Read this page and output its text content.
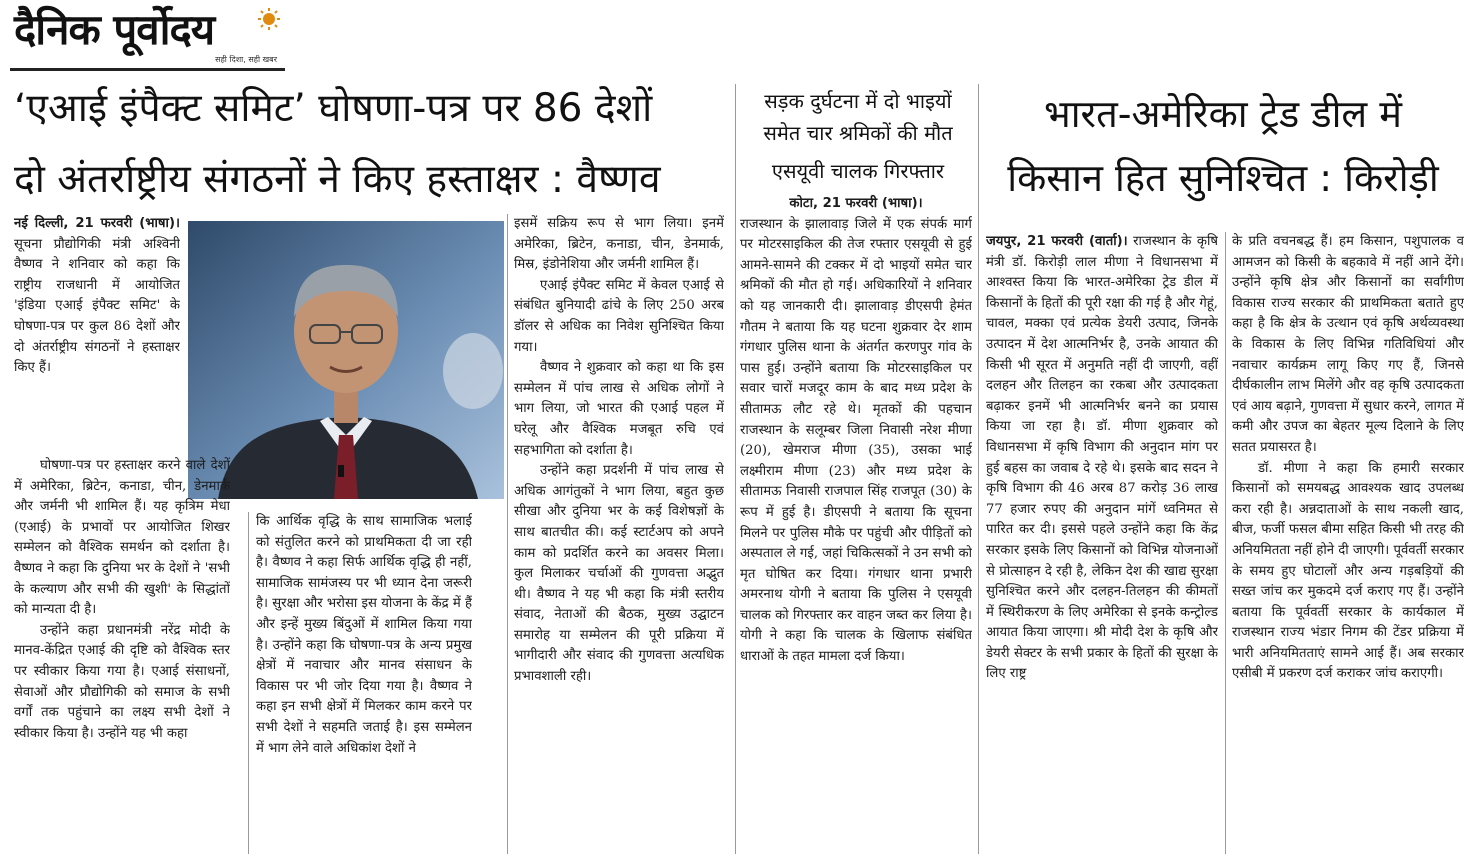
दैनिक पूर्वोदय
सही दिशा, सही खबर
‘एआई इंपैक्ट समिट’ घोषणा-पत्र पर 86 देशों
दो अंतर्राष्ट्रीय संगठनों ने किए हस्ताक्षर : वैष्णव
सड़क दुर्घटना में दो भाइयों
समेत चार श्रमिकों की मौत
एसयूवी चालक गिरफ्तार
भारत-अमेरिका ट्रेड डील में
किसान हित सुनिश्चित : किरोड़ी

नई दिल्ली, 21 फरवरी (भाषा)। सूचना प्रौद्योगिकी मंत्री अश्विनी वैष्णव ने शनिवार को कहा कि राष्ट्रीय राजधानी में आयोजित 'इंडिया एआई इंपैक्ट समिट' के घोषणा-पत्र पर कुल 86 देशों और दो अंतर्राष्ट्रीय संगठनों ने हस्ताक्षर किए हैं।

घोषणा-पत्र पर हस्ताक्षर करने वाले देशों में अमेरिका, ब्रिटेन, कनाडा, चीन, डेनमार्क और जर्मनी भी शामिल हैं। यह कृत्रिम मेधा (एआई) के प्रभावों पर आयोजित शिखर सम्मेलन को वैश्विक समर्थन को दर्शाता है। वैष्णव ने कहा कि दुनिया भर के देशों ने 'सभी के कल्याण और सभी की खुशी' के सिद्धांतों को मान्यता दी है।

उन्होंने कहा प्रधानमंत्री नरेंद्र मोदी के मानव-केंद्रित एआई की दृष्टि को वैश्विक स्तर पर स्वीकार किया गया है। एआई संसाधनों, सेवाओं और प्रौद्योगिकी को समाज के सभी वर्गों तक पहुंचाने का लक्ष्य सभी देशों ने स्वीकार किया है। उन्होंने यह भी कहा

कि आर्थिक वृद्धि के साथ सामाजिक भलाई को संतुलित करने को प्राथमिकता दी जा रही है। वैष्णव ने कहा सिर्फ आर्थिक वृद्धि ही नहीं, सामाजिक सामंजस्य पर भी ध्यान देना जरूरी है। सुरक्षा और भरोसा इस योजना के केंद्र में हैं और इन्हें मुख्य बिंदुओं में शामिल किया गया है। उन्होंने कहा कि घोषणा-पत्र के अन्य प्रमुख क्षेत्रों में नवाचार और मानव संसाधन के विकास पर भी जोर दिया गया है। वैष्णव ने कहा इन सभी क्षेत्रों में मिलकर काम करने पर सभी देशों ने सहमति जताई है। इस सम्मेलन में भाग लेने वाले अधिकांश देशों ने

इसमें सक्रिय रूप से भाग लिया। इनमें अमेरिका, ब्रिटेन, कनाडा, चीन, डेनमार्क, मिस्र, इंडोनेशिया और जर्मनी शामिल हैं।

एआई इंपैक्ट समिट में केवल एआई से संबंधित बुनियादी ढांचे के लिए 250 अरब डॉलर से अधिक का निवेश सुनिश्चित किया गया।

वैष्णव ने शुक्रवार को कहा था कि इस सम्मेलन में पांच लाख से अधिक लोगों ने भाग लिया, जो भारत की एआई पहल में घरेलू और वैश्विक मजबूत रुचि एवं सहभागिता को दर्शाता है।

उन्होंने कहा प्रदर्शनी में पांच लाख से अधिक आगंतुकों ने भाग लिया, बहुत कुछ सीखा और दुनिया भर के कई विशेषज्ञों के साथ बातचीत की। कई स्टार्टअप को अपने काम को प्रदर्शित करने का अवसर मिला। कुल मिलाकर चर्चाओं की गुणवत्ता अद्भुत थी। वैष्णव ने यह भी कहा कि मंत्री स्तरीय संवाद, नेताओं की बैठक, मुख्य उद्घाटन समारोह या सम्मेलन की पूरी प्रक्रिया में भागीदारी और संवाद की गुणवत्ता अत्यधिक प्रभावशाली रही।

कोटा, 21 फरवरी (भाषा)।

राजस्थान के झालावाड़ जिले में एक संपर्क मार्ग पर मोटरसाइकिल की तेज रफ्तार एसयूवी से हुई आमने-सामने की टक्कर में दो भाइयों समेत चार श्रमिकों की मौत हो गई। अधिकारियों ने शनिवार को यह जानकारी दी। झालावाड़ डीएसपी हेमंत गौतम ने बताया कि यह घटना शुक्रवार देर शाम गंगधार पुलिस थाना के अंतर्गत करणपुर गांव के पास हुई। उन्होंने बताया कि मोटरसाइकिल पर सवार चारों मजदूर काम के बाद मध्य प्रदेश के सीतामऊ लौट रहे थे। मृतकों की पहचान राजस्थान के सलूम्बर जिला निवासी नरेश मीणा (20), खेमराज मीणा (35), उसका भाई लक्ष्मीराम मीणा (23) और मध्य प्रदेश के सीतामऊ निवासी राजपाल सिंह राजपूत (30) के रूप में हुई है। डीएसपी ने बताया कि सूचना मिलने पर पुलिस मौके पर पहुंची और पीड़ितों को अस्पताल ले गई, जहां चिकित्सकों ने उन सभी को मृत घोषित कर दिया। गंगधार थाना प्रभारी अमरनाथ योगी ने बताया कि पुलिस ने एसयूवी चालक को गिरफ्तार कर वाहन जब्त कर लिया है। योगी ने कहा कि चालक के खिलाफ संबंधित धाराओं के तहत मामला दर्ज किया।

जयपुर, 21 फरवरी (वार्ता)। राजस्थान के कृषि मंत्री डॉ. किरोड़ी लाल मीणा ने विधानसभा में आश्वस्त किया कि भारत-अमेरिका ट्रेड डील में किसानों के हितों की पूरी रक्षा की गई है और गेहूं, चावल, मक्का एवं प्रत्येक डेयरी उत्पाद, जिनके उत्पादन में देश आत्मनिर्भर है, उनके आयात की किसी भी सूरत में अनुमति नहीं दी जाएगी, वहीं दलहन और तिलहन का रकबा और उत्पादकता बढ़ाकर इनमें भी आत्मनिर्भर बनने का प्रयास किया जा रहा है। डॉ. मीणा शुक्रवार को विधानसभा में कृषि विभाग की अनुदान मांग पर हुई बहस का जवाब दे रहे थे। इसके बाद सदन ने कृषि विभाग की 46 अरब 87 करोड़ 36 लाख 77 हजार रुपए की अनुदान मांगें ध्वनिमत से पारित कर दी। इससे पहले उन्होंने कहा कि केंद्र सरकार इसके लिए किसानों को विभिन्न योजनाओं से प्रोत्साहन दे रही है, लेकिन देश की खाद्य सुरक्षा सुनिश्चित करने और दलहन-तिलहन की कीमतों में स्थिरीकरण के लिए अमेरिका से इनके कन्ट्रोल्ड आयात किया जाएगा। श्री मोदी देश के कृषि और डेयरी सेक्टर के सभी प्रकार के हितों की सुरक्षा के लिए राष्ट्र

के प्रति वचनबद्ध हैं। हम किसान, पशुपालक व आमजन को किसी के बहकावे में नहीं आने देंगे। उन्होंने कृषि क्षेत्र और किसानों का सर्वांगीण विकास राज्य सरकार की प्राथमिकता बताते हुए कहा है कि क्षेत्र के उत्थान एवं कृषि अर्थव्यवस्था के विकास के लिए विभिन्न गतिविधियां और नवाचार कार्यक्रम लागू किए गए हैं, जिनसे दीर्घकालीन लाभ मिलेंगे और वह कृषि उत्पादकता एवं आय बढ़ाने, गुणवत्ता में सुधार करने, लागत में कमी और उपज का बेहतर मूल्य दिलाने के लिए सतत प्रयासरत है।

डॉ. मीणा ने कहा कि हमारी सरकार किसानों को समयबद्ध आवश्यक खाद उपलब्ध करा रही है। अन्नदाताओं के साथ नकली खाद, बीज, फर्जी फसल बीमा सहित किसी भी तरह की अनियमितता नहीं होने दी जाएगी। पूर्ववर्ती सरकार के समय हुए घोटालों और अन्य गड़बड़ियों की सख्त जांच कर मुकदमे दर्ज कराए गए हैं। उन्होंने बताया कि पूर्ववर्ती सरकार के कार्यकाल में राजस्थान राज्य भंडार निगम की टेंडर प्रक्रिया में भारी अनियमितताएं सामने आई हैं। अब सरकार एसीबी में प्रकरण दर्ज कराकर जांच कराएगी।
